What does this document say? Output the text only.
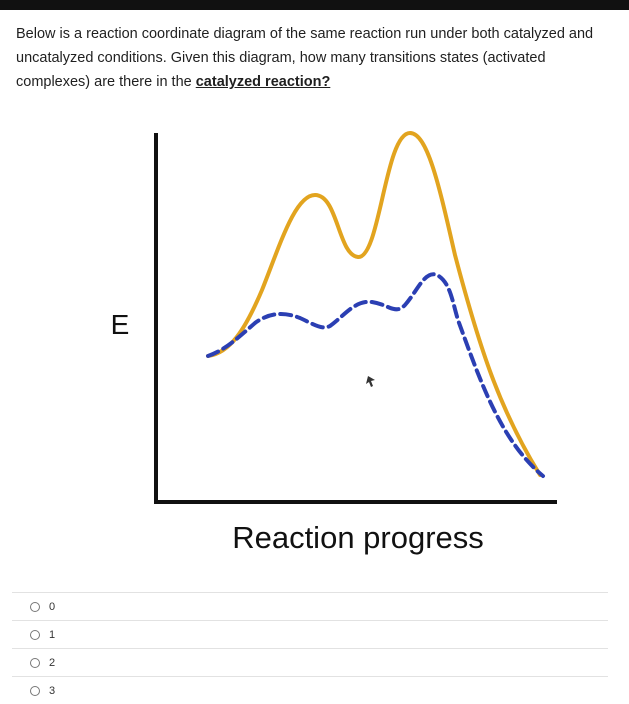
Below is a reaction coordinate diagram of the same reaction run under both catalyzed and uncatalyzed conditions. Given this diagram, how many transitions states (activated complexes) are there in the catalyzed reaction?
E
Reaction progress
0
1
2
3
